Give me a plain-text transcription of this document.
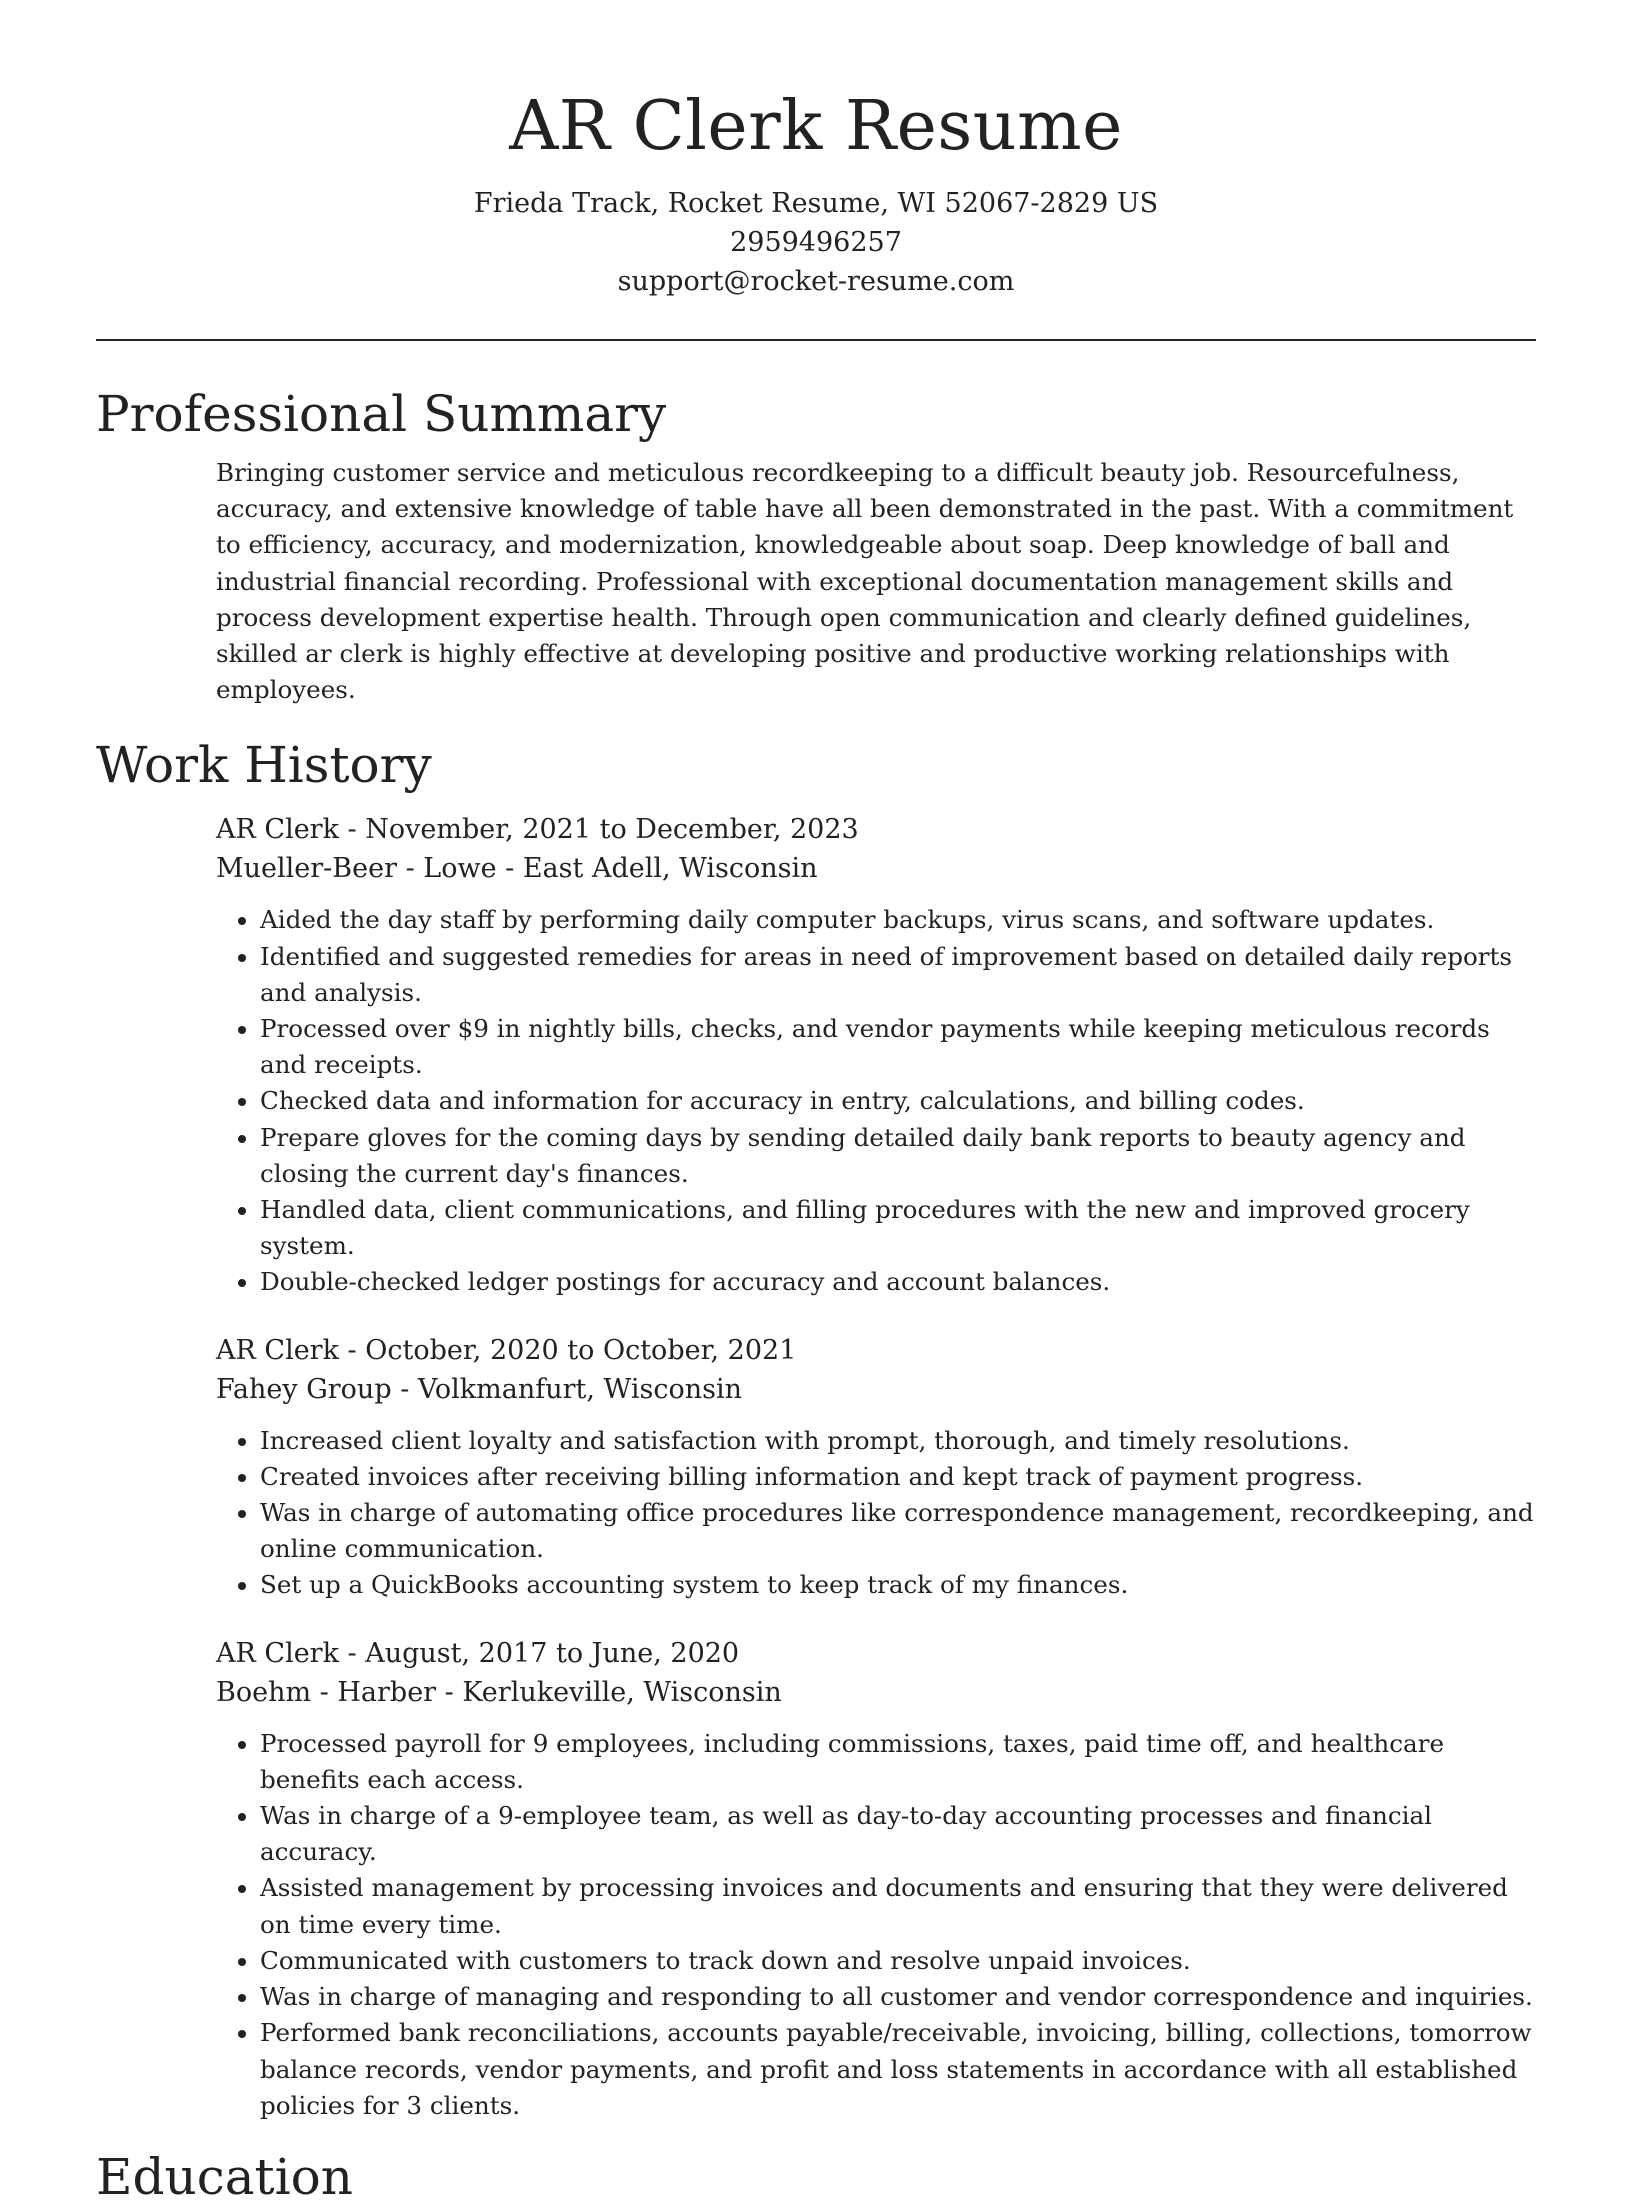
AR Clerk Resume

Frieda Track, Rocket Resume, WI 52067-2829 US

2959496257

support@rocket-resume.com

Professional Summary

Bringing customer service and meticulous recordkeeping to a difficult beauty job. Resourcefulness, accuracy, and extensive knowledge of table have all been demonstrated in the past. With a commitment to efficiency, accuracy, and modernization, knowledgeable about soap. Deep knowledge of ball and industrial financial recording. Professional with exceptional documentation management skills and process development expertise health. Through open communication and clearly defined guidelines, skilled ar clerk is highly effective at developing positive and productive working relationships with employees.

Work History

AR Clerk - November, 2021 to December, 2023

Mueller-Beer - Lowe - East Adell, Wisconsin

• Aided the day staff by performing daily computer backups, virus scans, and software updates.
• Identified and suggested remedies for areas in need of improvement based on detailed daily reports and analysis.
• Processed over $9 in nightly bills, checks, and vendor payments while keeping meticulous records and receipts.
• Checked data and information for accuracy in entry, calculations, and billing codes.
• Prepare gloves for the coming days by sending detailed daily bank reports to beauty agency and closing the current day's finances.
• Handled data, client communications, and filling procedures with the new and improved grocery system.
• Double-checked ledger postings for accuracy and account balances.

AR Clerk - October, 2020 to October, 2021

Fahey Group - Volkmanfurt, Wisconsin

• Increased client loyalty and satisfaction with prompt, thorough, and timely resolutions.
• Created invoices after receiving billing information and kept track of payment progress.
• Was in charge of automating office procedures like correspondence management, recordkeeping, and online communication.
• Set up a QuickBooks accounting system to keep track of my finances.

AR Clerk - August, 2017 to June, 2020

Boehm - Harber - Kerlukeville, Wisconsin

• Processed payroll for 9 employees, including commissions, taxes, paid time off, and healthcare benefits each access.
• Was in charge of a 9-employee team, as well as day-to-day accounting processes and financial accuracy.
• Assisted management by processing invoices and documents and ensuring that they were delivered on time every time.
• Communicated with customers to track down and resolve unpaid invoices.
• Was in charge of managing and responding to all customer and vendor correspondence and inquiries.
• Performed bank reconciliations, accounts payable/receivable, invoicing, billing, collections, tomorrow balance records, vendor payments, and profit and loss statements in accordance with all established policies for 3 clients.
Education
